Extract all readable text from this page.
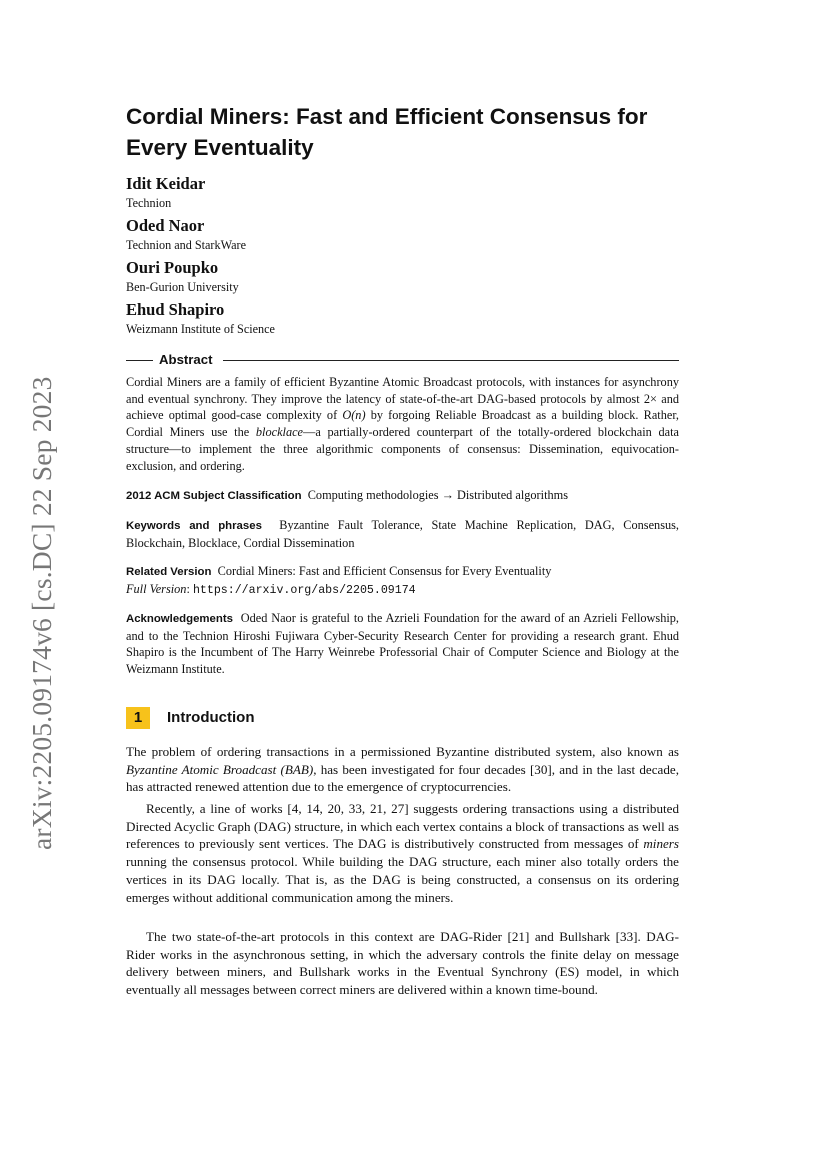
arXiv:2205.09174v6 [cs.DC] 22 Sep 2023
Cordial Miners: Fast and Efficient Consensus for Every Eventuality
Idit Keidar
Technion
Oded Naor
Technion and StarkWare
Ouri Poupko
Ben-Gurion University
Ehud Shapiro
Weizmann Institute of Science
Abstract
Cordial Miners are a family of efficient Byzantine Atomic Broadcast protocols, with instances for asynchrony and eventual synchrony. They improve the latency of state-of-the-art DAG-based protocols by almost 2× and achieve optimal good-case complexity of O(n) by forgoing Reliable Broadcast as a building block. Rather, Cordial Miners use the blocklace—a partially-ordered counterpart of the totally-ordered blockchain data structure—to implement the three algorithmic components of consensus: Dissemination, equivocation-exclusion, and ordering.
2012 ACM Subject Classification Computing methodologies → Distributed algorithms
Keywords and phrases Byzantine Fault Tolerance, State Machine Replication, DAG, Consensus, Blockchain, Blocklace, Cordial Dissemination
Related Version Cordial Miners: Fast and Efficient Consensus for Every Eventuality
Full Version: https://arxiv.org/abs/2205.09174
Acknowledgements Oded Naor is grateful to the Azrieli Foundation for the award of an Azrieli Fellowship, and to the Technion Hiroshi Fujiwara Cyber-Security Research Center for providing a research grant. Ehud Shapiro is the Incumbent of The Harry Weinrebe Professorial Chair of Computer Science and Biology at the Weizmann Institute.
1	Introduction
The problem of ordering transactions in a permissioned Byzantine distributed system, also known as Byzantine Atomic Broadcast (BAB), has been investigated for four decades [30], and in the last decade, has attracted renewed attention due to the emergence of cryptocurrencies.
Recently, a line of works [4, 14, 20, 33, 21, 27] suggests ordering transactions using a distributed Directed Acyclic Graph (DAG) structure, in which each vertex contains a block of transactions as well as references to previously sent vertices. The DAG is distributively constructed from messages of miners running the consensus protocol. While building the DAG structure, each miner also totally orders the vertices in its DAG locally. That is, as the DAG is being constructed, a consensus on its ordering emerges without additional communication among the miners.
The two state-of-the-art protocols in this context are DAG-Rider [21] and Bullshark [33]. DAG-Rider works in the asynchronous setting, in which the adversary controls the finite delay on message delivery between miners, and Bullshark works in the Eventual Synchrony (ES) model, in which eventually all messages between correct miners are delivered within a known time-bound.
